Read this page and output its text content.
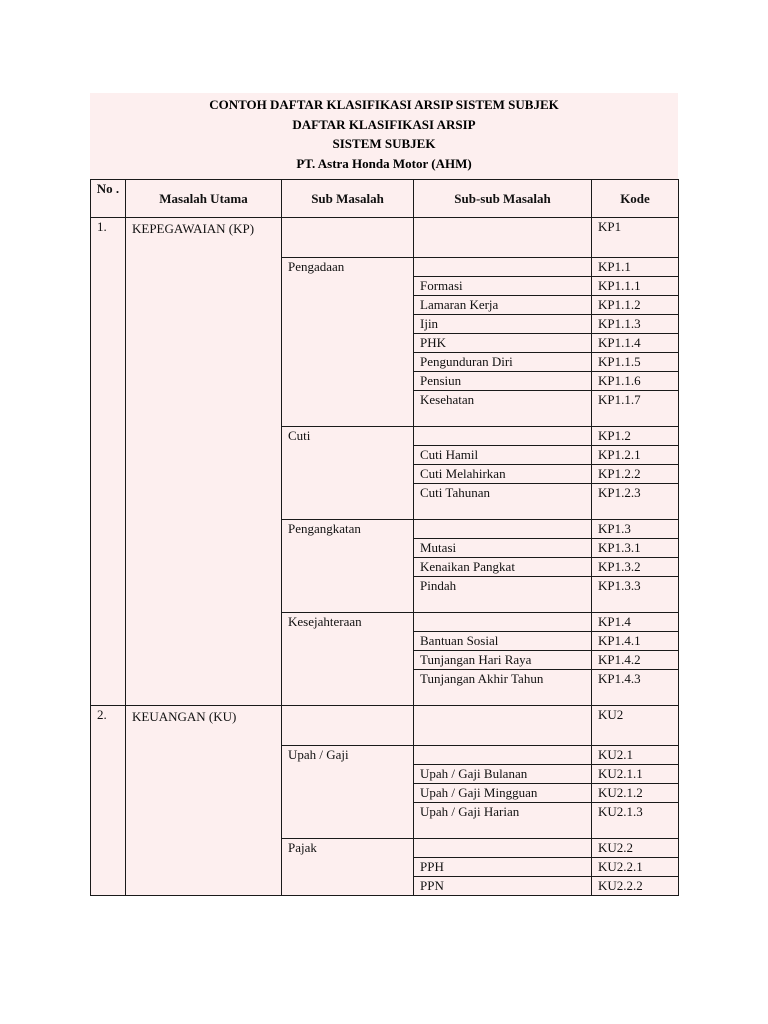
CONTOH DAFTAR KLASIFIKASI ARSIP SISTEM SUBJEK
DAFTAR KLASIFIKASI ARSIP
SISTEM SUBJEK
PT. Astra Honda Motor (AHM)
No .	Masalah Utama	Sub Masalah	Sub-sub Masalah	Kode
1.	KEPEGAWAIAN (KP)			KP1
		Pengadaan		KP1.1
			Formasi	KP1.1.1
			Lamaran Kerja	KP1.1.2
			Ijin	KP1.1.3
			PHK	KP1.1.4
			Pengunduran Diri	KP1.1.5
			Pensiun	KP1.1.6
			Kesehatan	KP1.1.7

		Cuti		KP1.2
			Cuti Hamil	KP1.2.1
			Cuti Melahirkan	KP1.2.2
			Cuti Tahunan	KP1.2.3

		Pengangkatan		KP1.3
			Mutasi	KP1.3.1
			Kenaikan Pangkat	KP1.3.2
			Pindah	KP1.3.3

		Kesejahteraan		KP1.4
			Bantuan Sosial	KP1.4.1
			Tunjangan Hari Raya	KP1.4.2
			Tunjangan Akhir Tahun	KP1.4.3

2.	KEUANGAN (KU)			KU2
		Upah / Gaji		KU2.1
			Upah / Gaji Bulanan	KU2.1.1
			Upah / Gaji Mingguan	KU2.1.2
			Upah / Gaji Harian	KU2.1.3

		Pajak		KU2.2
			PPH	KU2.2.1
			PPN	KU2.2.2
